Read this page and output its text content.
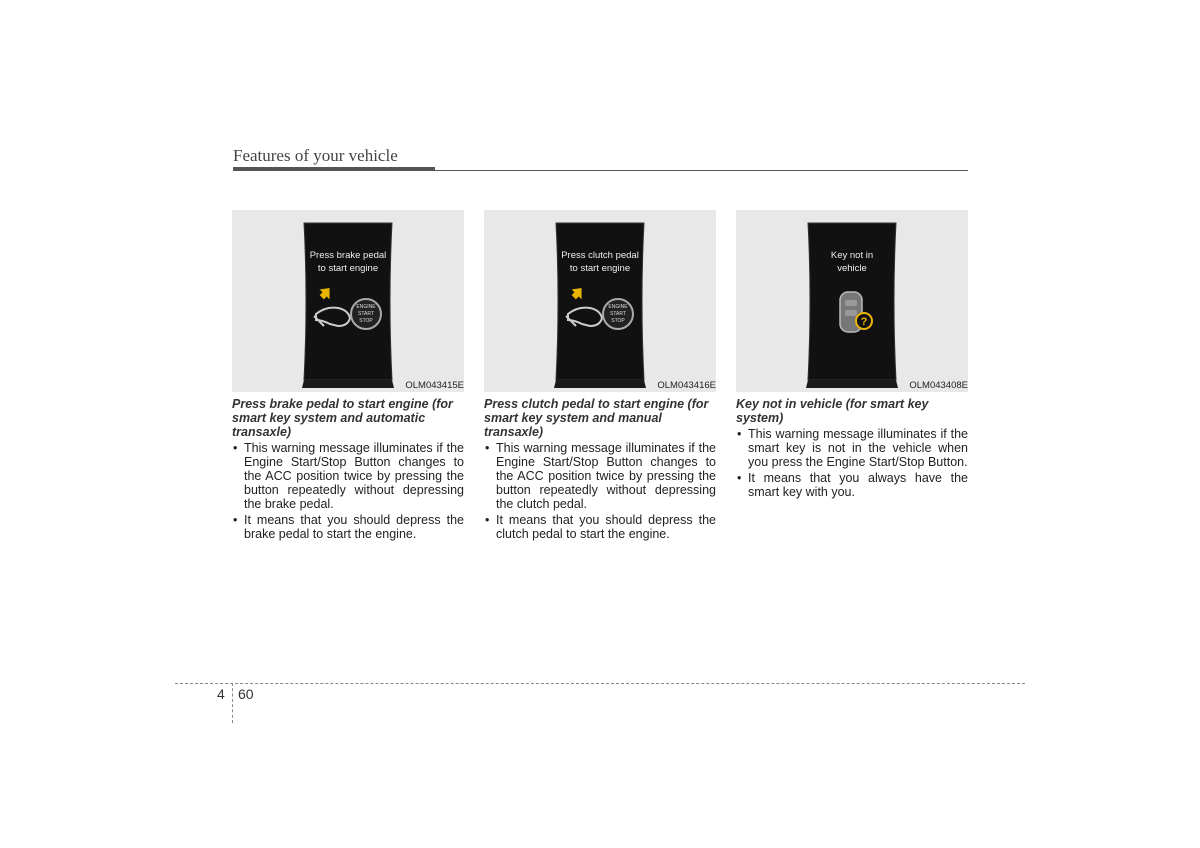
Features of your vehicle
Press brake pedal
to start engine
ENGINE
START
STOP
OLM043415E
Press brake pedal to start engine (for smart key system and automatic transaxle)
• This warning message illuminates if the Engine Start/Stop Button changes to the ACC position twice by pressing the button repeatedly without depressing the brake pedal.
• It means that you should depress the brake pedal to start the engine.
Press clutch pedal
to start engine
ENGINE
START
STOP
OLM043416E
Press clutch pedal to start engine (for smart key system and manual transaxle)
• This warning message illuminates if the Engine Start/Stop Button changes to the ACC position twice by pressing the button repeatedly without depressing the clutch pedal.
• It means that you should depress the clutch pedal to start the engine.
Key not in
vehicle
?
OLM043408E
Key not in vehicle (for smart key system)
• This warning message illuminates if the smart key is not in the vehicle when you press the Engine Start/Stop Button.
• It means that you always have the smart key with you.
4 60
